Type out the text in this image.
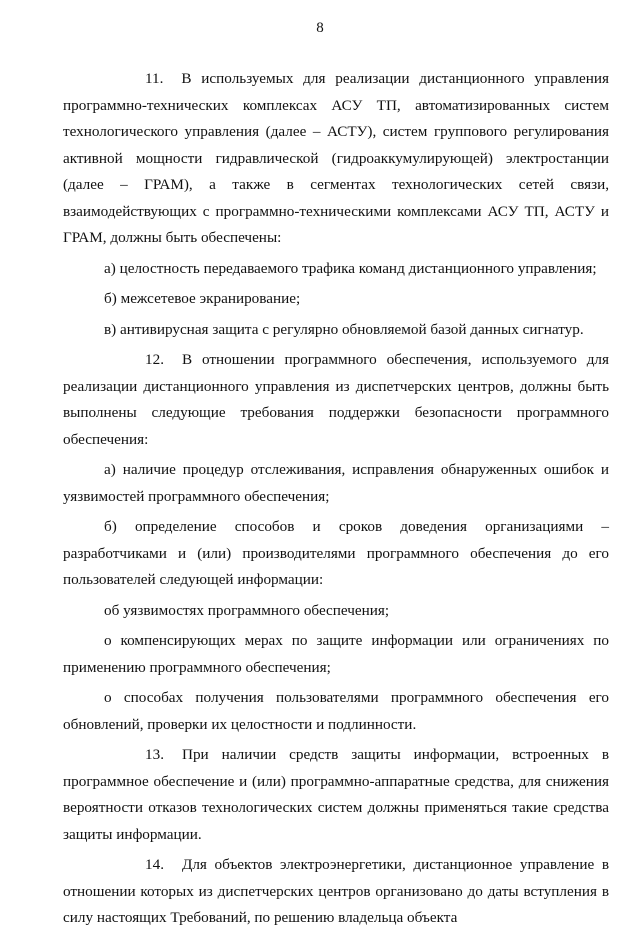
8

11. В используемых для реализации дистанционного управления программно-технических комплексах АСУ ТП, автоматизированных систем технологического управления (далее – АСТУ), систем группового регулирования активной мощности гидравлической (гидроаккумулирующей) электростанции (далее – ГРАМ), а также в сегментах технологических сетей связи, взаимодействующих с программно-техническими комплексами АСУ ТП, АСТУ и ГРАМ, должны быть обеспечены:

а) целостность передаваемого трафика команд дистанционного управления;

б) межсетевое экранирование;

в) антивирусная защита с регулярно обновляемой базой данных сигнатур.

12. В отношении программного обеспечения, используемого для реализации дистанционного управления из диспетчерских центров, должны быть выполнены следующие требования поддержки безопасности программного обеспечения:

а) наличие процедур отслеживания, исправления обнаруженных ошибок и уязвимостей программного обеспечения;

б) определение способов и сроков доведения организациями – разработчиками и (или) производителями программного обеспечения до его пользователей следующей информации:

об уязвимостях программного обеспечения;

о компенсирующих мерах по защите информации или ограничениях по применению программного обеспечения;

о способах получения пользователями программного обеспечения его обновлений, проверки их целостности и подлинности.

13. При наличии средств защиты информации, встроенных в программное обеспечение и (или) программно-аппаратные средства, для снижения вероятности отказов технологических систем должны применяться такие средства защиты информации.

14. Для объектов электроэнергетики, дистанционное управление в отношении которых из диспетчерских центров организовано до даты вступления в силу настоящих Требований, по решению владельца объекта
